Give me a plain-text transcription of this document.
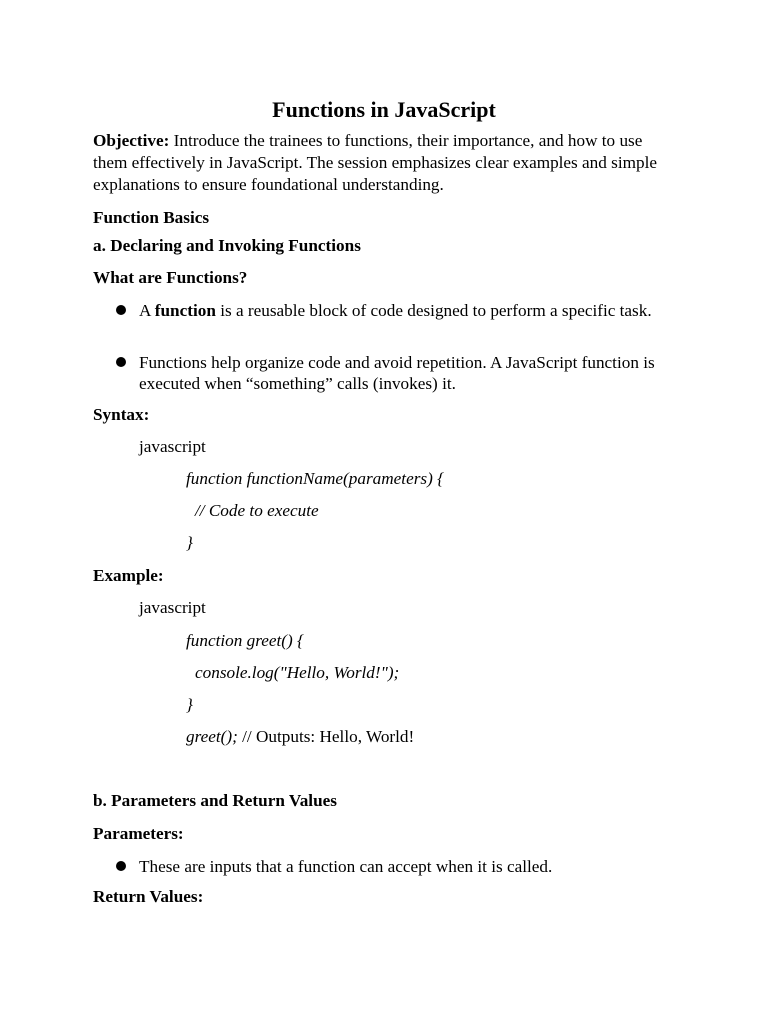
Functions in JavaScript

Objective: Introduce the trainees to functions, their importance, and how to use them effectively in JavaScript. The session emphasizes clear examples and simple explanations to ensure foundational understanding.

Function Basics

a. Declaring and Invoking Functions

What are Functions?

A function is a reusable block of code designed to perform a specific task.
Functions help organize code and avoid repetition. A JavaScript function is executed when “something” calls (invokes) it.

Syntax:

javascript

function functionName(parameters) {

// Code to execute

}

Example:

javascript

function greet() {

console.log("Hello, World!");

}

greet(); // Outputs: Hello, World!

b. Parameters and Return Values

Parameters:

These are inputs that a function can accept when it is called.

Return Values:
